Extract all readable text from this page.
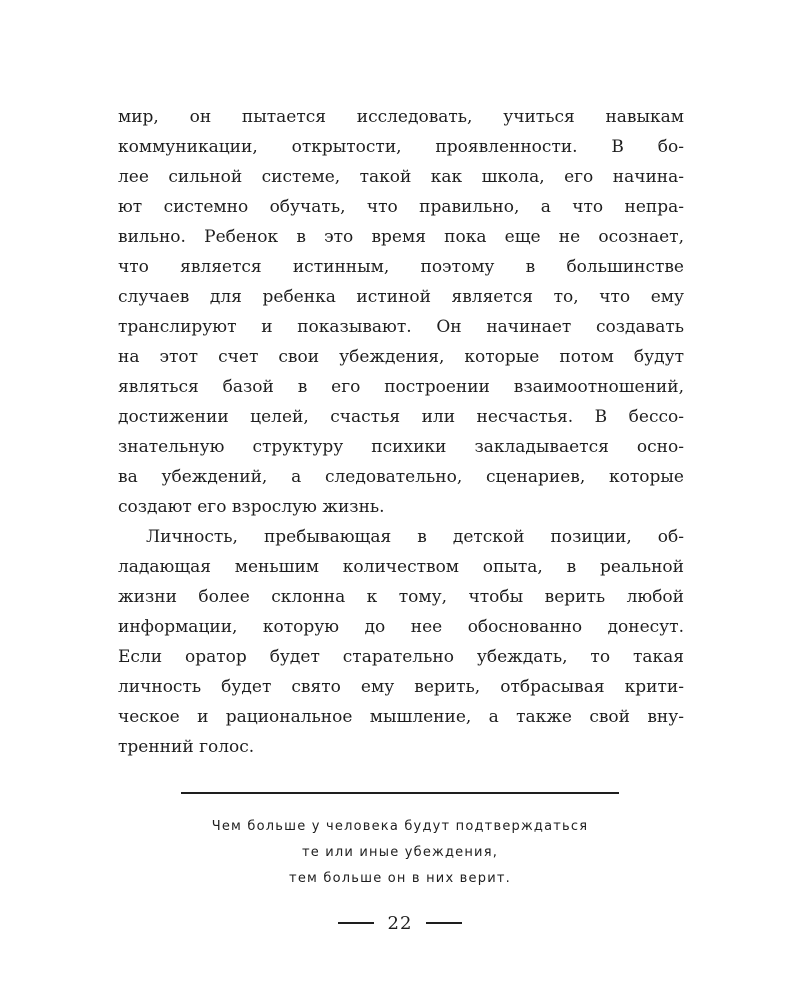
мир, он пытается исследовать, учиться навыкам
коммуникации, открытости, проявленности. В бо-
лее сильной системе, такой как школа, его начина-
ют системно обучать, что правильно, а что непра-
вильно. Ребенок в это время пока еще не осознает,
что является истинным, поэтому в большинстве
случаев для ребенка истиной является то, что ему
транслируют и показывают. Он начинает создавать
на этот счет свои убеждения, которые потом будут
являться базой в его построении взаимоотношений,
достижении целей, счастья или несчастья. В бессо-
знательную структуру психики закладывается осно-
ва убеждений, а следовательно, сценариев, которые
создают его взрослую жизнь.
Личность, пребывающая в детской позиции, об-
ладающая меньшим количеством опыта, в реальной
жизни более склонна к тому, чтобы верить любой
информации, которую до нее обоснованно донесут.
Если оратор будет старательно убеждать, то такая
личность будет свято ему верить, отбрасывая крити-
ческое и рациональное мышление, а также свой вну-
тренний голос.
Чем больше у человека будут подтверждаться
те или иные убеждения,
тем больше он в них верит.
22
